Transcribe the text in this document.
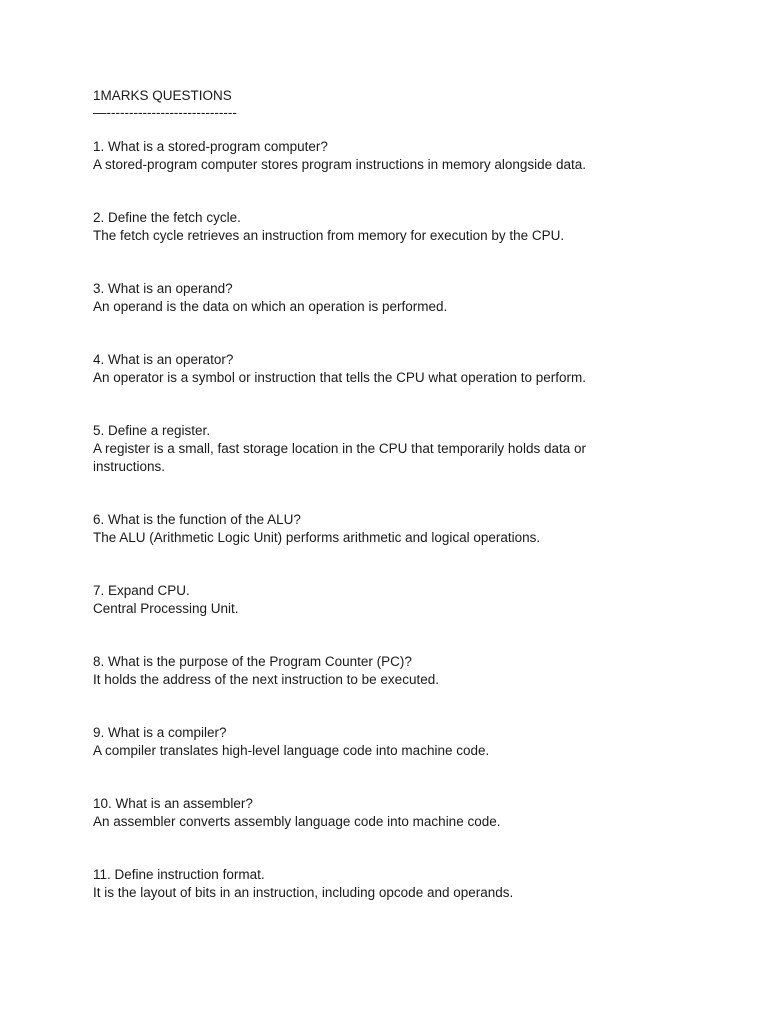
1MARKS QUESTIONS

—-----------------------------

1. What is a stored-program computer?

A stored-program computer stores program instructions in memory alongside data.

2. Define the fetch cycle.

The fetch cycle retrieves an instruction from memory for execution by the CPU.

3. What is an operand?

An operand is the data on which an operation is performed.

4. What is an operator?

An operator is a symbol or instruction that tells the CPU what operation to perform.

5. Define a register.

A register is a small, fast storage location in the CPU that temporarily holds data or instructions.

6. What is the function of the ALU?

The ALU (Arithmetic Logic Unit) performs arithmetic and logical operations.

7. Expand CPU.

Central Processing Unit.

8. What is the purpose of the Program Counter (PC)?

It holds the address of the next instruction to be executed.

9. What is a compiler?

A compiler translates high-level language code into machine code.

10. What is an assembler?

An assembler converts assembly language code into machine code.

11. Define instruction format.

It is the layout of bits in an instruction, including opcode and operands.
